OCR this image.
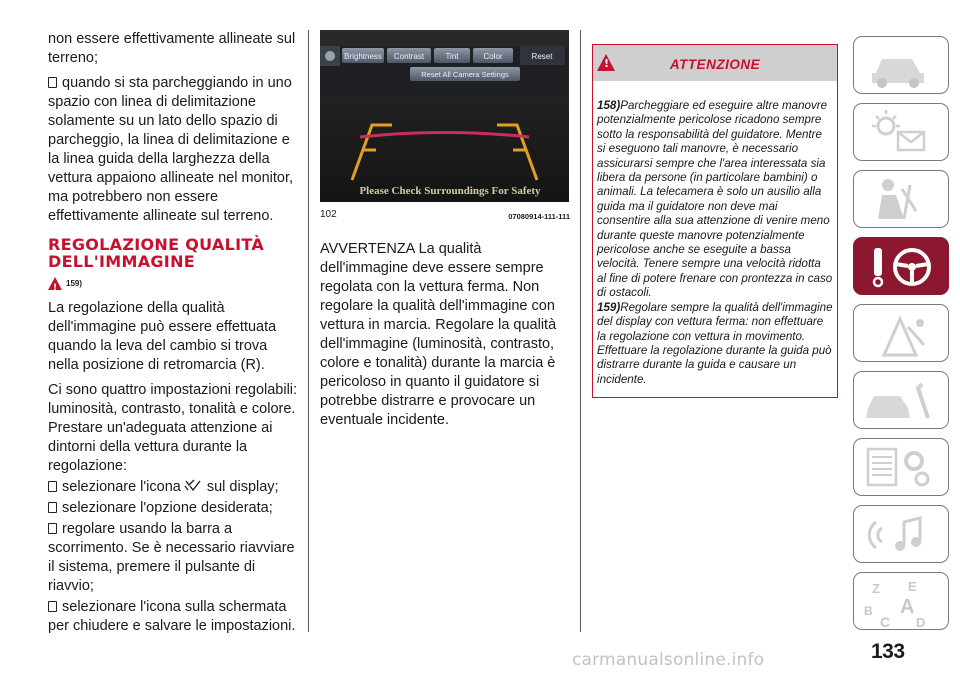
non essere effettivamente allineate sul terreno;

quando si sta parcheggiando in uno spazio con linea di delimitazione solamente su un lato dello spazio di parcheggio, la linea di delimitazione e la linea guida della larghezza della vettura appaiono allineate nel monitor, ma potrebbero non essere effettivamente allineate sul terreno.

REGOLAZIONE QUALITÀ DELL'IMMAGINE
! 159)

La regolazione della qualità dell'immagine può essere effettuata quando la leva del cambio si trova nella posizione di retromarcia (R).

Ci sono quattro impostazioni regolabili: luminosità, contrasto, tonalità e colore. Prestare un'adeguata attenzione ai dintorni della vettura durante la regolazione:

selezionare l'icona sul display;

selezionare l'opzione desiderata;

regolare usando la barra a scorrimento. Se è necessario riavviare il sistema, premere il pulsante di riavvio;

selezionare l'icona sulla schermata per chiudere e salvare le impostazioni.

Brightness Contrast	Tint	Color	Reset
Reset All Camera Settings
Please Check Surroundings For Safety
102	07080914-111-111

AVVERTENZA La qualità dell'immagine deve essere sempre regolata con la vettura ferma. Non regolare la qualità dell'immagine con vettura in marcia. Regolare la qualità dell'immagine (luminosità, contrasto, colore e tonalità) durante la marcia è pericoloso in quanto il guidatore si potrebbe distrarre e provocare un eventuale incidente.

!	ATTENZIONE

158)Parcheggiare ed eseguire altre manovre potenzialmente pericolose ricadono sempre sotto la responsabilità del guidatore. Mentre si eseguono tali manovre, è necessario assicurarsi sempre che l'area interessata sia libera da persone (in particolare bambini) o animali. La telecamera è solo un ausilio alla guida ma il guidatore non deve mai consentire alla sua attenzione di venire meno durante queste manovre potenzialmente pericolose anche se eseguite a bassa velocità. Tenere sempre una velocità ridotta al fine di potere frenare con prontezza in caso di ostacoli.

159)Regolare sempre la qualità dell'immagine del display con vettura ferma: non effettuare la regolazione con vettura in movimento. Effettuare la regolazione durante la guida può distrarre durante la guida e causare un incidente.

Z E
B A
C D
133
carmanualsonline.info
